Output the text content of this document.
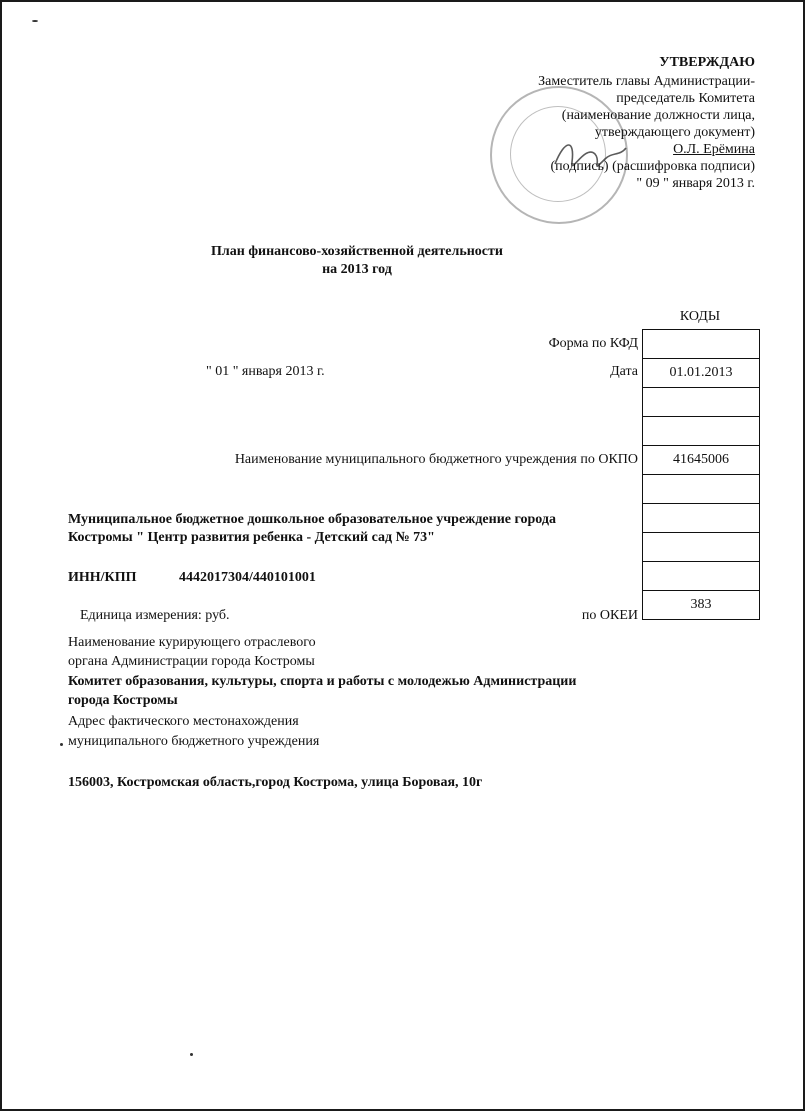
УТВЕРЖДАЮ
Заместитель главы Администрации-
председатель Комитета
(наименование должности лица,
утверждающего документ)
О.Л. Ерёмина
(подпись) (расшифровка подписи)
" 09 " января 2013 г.
План финансово-хозяйственной деятельности
на 2013 год
КОДЫ
01.01.2013
41645006
383
Форма по КФД
Дата
" 01 " января 2013 г.
Наименование муниципального бюджетного учреждения по ОКПО
Муниципальное бюджетное дошкольное образовательное учреждение города
Костромы " Центр развития ребенка - Детский сад № 73"
ИНН/КПП	4442017304/440101001
Единица измерения: руб.	по ОКЕИ
Наименование курирующего отраслевого
органа Администрации города Костромы
Комитет образования, культуры, спорта и работы с молодежью Администрации
города Костромы
Адрес фактического местонахождения
муниципального бюджетного учреждения
156003, Костромская область,город Кострома, улица Боровая, 10г
